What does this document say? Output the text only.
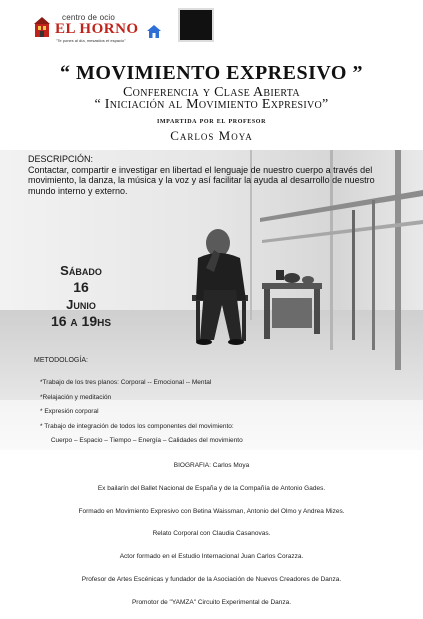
centro de ocio
EL HORNO
"Te pones al día, mesastios et espacio"
“ MOVIMIENTO EXPRESIVO ”
Conferencia y Clase Abierta
“ Iniciación al Movimiento Expresivo”
impartida por el profesor
Carlos Moya
DESCRIPCIÓN:
Contactar, compartir e investigar en libertad el lenguaje de nuestro cuerpo a través del movimiento, la danza, la música y la voz y así facilitar la ayuda al desarrollo de nuestro mundo interno y externo.
Sábado
16
Junio
16 a 19hs
METODOLOGÍA:
*Trabajo de los tres planos: Corporal -- Emocional -- Mental
*Relajación y meditación
* Expresión corporal
* Trabajo de integración de todos los componentes del movimiento:
Cuerpo – Espacio – Tiempo – Energía – Calidades del movimiento
BIOGRAFIA: Carlos Moya
Ex bailarín del Ballet Nacional de España y de la Compañía de Antonio Gades.
Formado en Movimiento Expresivo con Betina Waissman, Antonio del Olmo y Andrea Mizes.
Relato Corporal con Claudia Casanovas.
Actor formado en el Estudio Internacional Juan Carlos Corazza.
Profesor de Artes Escénicas y fundador de la Asociación de Nuevos Creadores de Danza.
Promotor de "YAMZA" Circuito Experimental de Danza.
